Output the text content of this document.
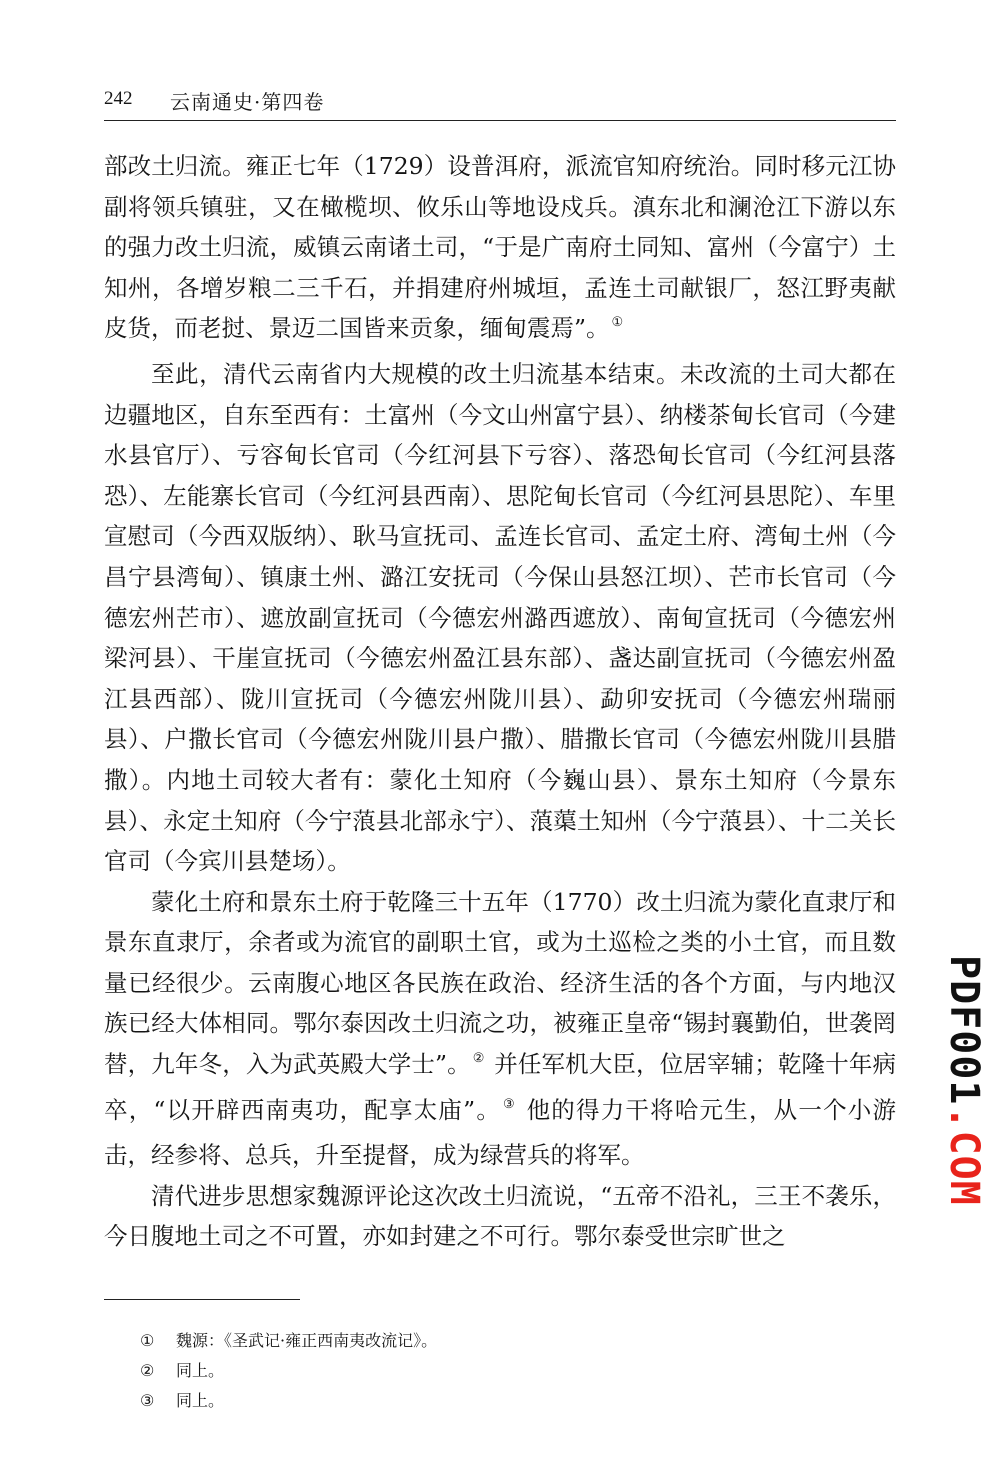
242 云南通史·第四卷

部改土归流。雍正七年（1729）设普洱府，派流官知府统治。同时移元江协副将领兵镇驻，又在橄榄坝、攸乐山等地设戍兵。滇东北和澜沧江下游以东的强力改土归流，威镇云南诸土司，“于是广南府土同知、富州（今富宁）土知州，各增岁粮二三千石，并捐建府州城垣，孟连土司献银厂，怒江野夷献皮货，而老挝、景迈二国皆来贡象，缅甸震焉”。 ①

至此，清代云南省内大规模的改土归流基本结束。未改流的土司大都在边疆地区，自东至西有：土富州（今文山州富宁县）、纳楼茶甸长官司（今建水县官厅）、亏容甸长官司（今红河县下亏容）、落恐甸长官司（今红河县落恐）、左能寨长官司（今红河县西南）、思陀甸长官司（今红河县思陀）、车里宣慰司（今西双版纳）、耿马宣抚司、孟连长官司、孟定土府、湾甸土州（今昌宁县湾甸）、镇康土州、潞江安抚司（今保山县怒江坝）、芒市长官司（今德宏州芒市）、遮放副宣抚司（今德宏州潞西遮放）、南甸宣抚司（今德宏州梁河县）、干崖宣抚司（今德宏州盈江县东部）、盏达副宣抚司（今德宏州盈江县西部）、陇川宣抚司（今德宏州陇川县）、勐卯安抚司（今德宏州瑞丽县）、户撒长官司（今德宏州陇川县户撒）、腊撒长官司（今德宏州陇川县腊撒）。内地土司较大者有：蒙化土知府（今巍山县）、景东土知府（今景东县）、永定土知府（今宁蒗县北部永宁）、蒗蕖土知州（今宁蒗县）、十二关长官司（今宾川县楚场）。

蒙化土府和景东土府于乾隆三十五年（1770）改土归流为蒙化直隶厅和景东直隶厅，余者或为流官的副职土官，或为土巡检之类的小土官，而且数量已经很少。云南腹心地区各民族在政治、经济生活的各个方面，与内地汉族已经大体相同。鄂尔泰因改土归流之功，被雍正皇帝“锡封襄勤伯，世袭罔替，九年冬，入为武英殿大学士”。 ② 并任军机大臣，位居宰辅；乾隆十年病卒，“以开辟西南夷功，配享太庙”。 ③ 他的得力干将哈元生，从一个小游击，经参将、总兵，升至提督，成为绿营兵的将军。

清代进步思想家魏源评论这次改土归流说，“五帝不沿礼，三王不袭乐，今日腹地土司之不可置，亦如封建之不可行。鄂尔泰受世宗旷世之

① 魏源：《圣武记·雍正西南夷改流记》。
② 同上。
③ 同上。
PDF001.COM
